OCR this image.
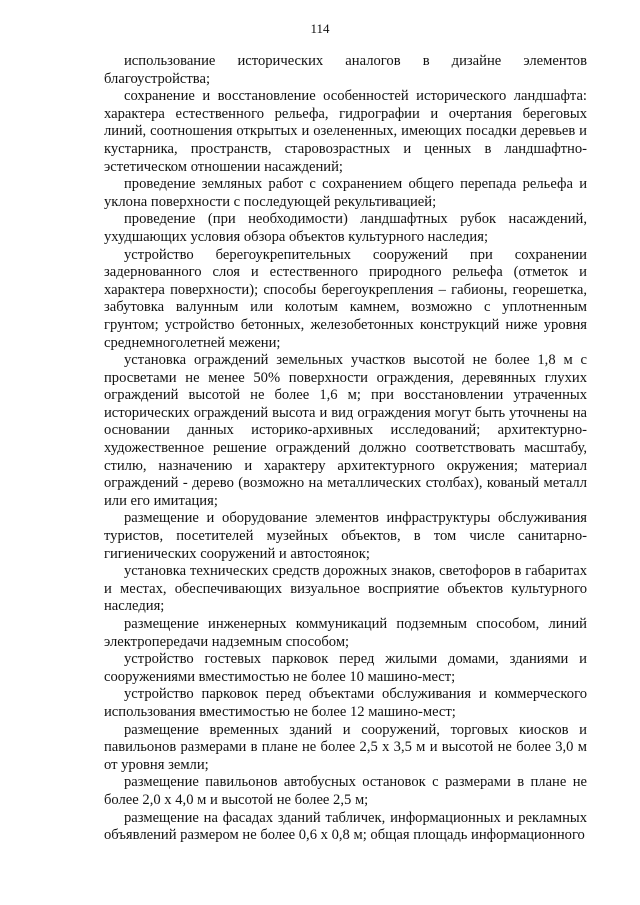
114

использование исторических аналогов в дизайне элементов благоустройства;

сохранение и восстановление особенностей исторического ландшафта: характера естественного рельефа, гидрографии и очертания береговых линий, соотношения открытых и озелененных, имеющих посадки деревьев и кустарника, пространств, старовозрастных и ценных в ландшафтно-эстетическом отношении насаждений;

проведение земляных работ с сохранением общего перепада рельефа и уклона поверхности с последующей рекультивацией;

проведение (при необходимости) ландшафтных рубок насаждений, ухудшающих условия обзора объектов культурного наследия;

устройство берегоукрепительных сооружений при сохранении задернованного слоя и естественного природного рельефа (отметок и характера поверхности); способы берегоукрепления – габионы, георешетка, забутовка валунным или колотым камнем, возможно с уплотненным грунтом; устройство бетонных, железобетонных конструкций ниже уровня среднемноголетней межени;

установка ограждений земельных участков высотой не более 1,8 м с просветами не менее 50% поверхности ограждения, деревянных глухих ограждений высотой не более 1,6 м; при восстановлении утраченных исторических ограждений высота и вид ограждения могут быть уточнены на основании данных историко-архивных исследований; архитектурно-художественное решение ограждений должно соответствовать масштабу, стилю, назначению и характеру архитектурного окружения; материал ограждений - дерево (возможно на металлических столбах), кованый металл или его имитация;

размещение и оборудование элементов инфраструктуры обслуживания туристов, посетителей музейных объектов, в том числе санитарно-гигиенических сооружений и автостоянок;

установка технических средств дорожных знаков, светофоров в габаритах и местах, обеспечивающих визуальное восприятие объектов культурного наследия;

размещение инженерных коммуникаций подземным способом, линий электропередачи надземным способом;

устройство гостевых парковок перед жилыми домами, зданиями и сооружениями вместимостью не более 10 машино-мест;

устройство парковок перед объектами обслуживания и коммерческого использования вместимостью не более 12 машино-мест;

размещение временных зданий и сооружений, торговых киосков и павильонов размерами в плане не более 2,5 х 3,5 м и высотой не более 3,0 м от уровня земли;

размещение павильонов автобусных остановок с размерами в плане не более 2,0 х 4,0 м и высотой не более 2,5 м;

размещение на фасадах зданий табличек, информационных и рекламных объявлений размером не более 0,6 х 0,8 м; общая площадь информационного
